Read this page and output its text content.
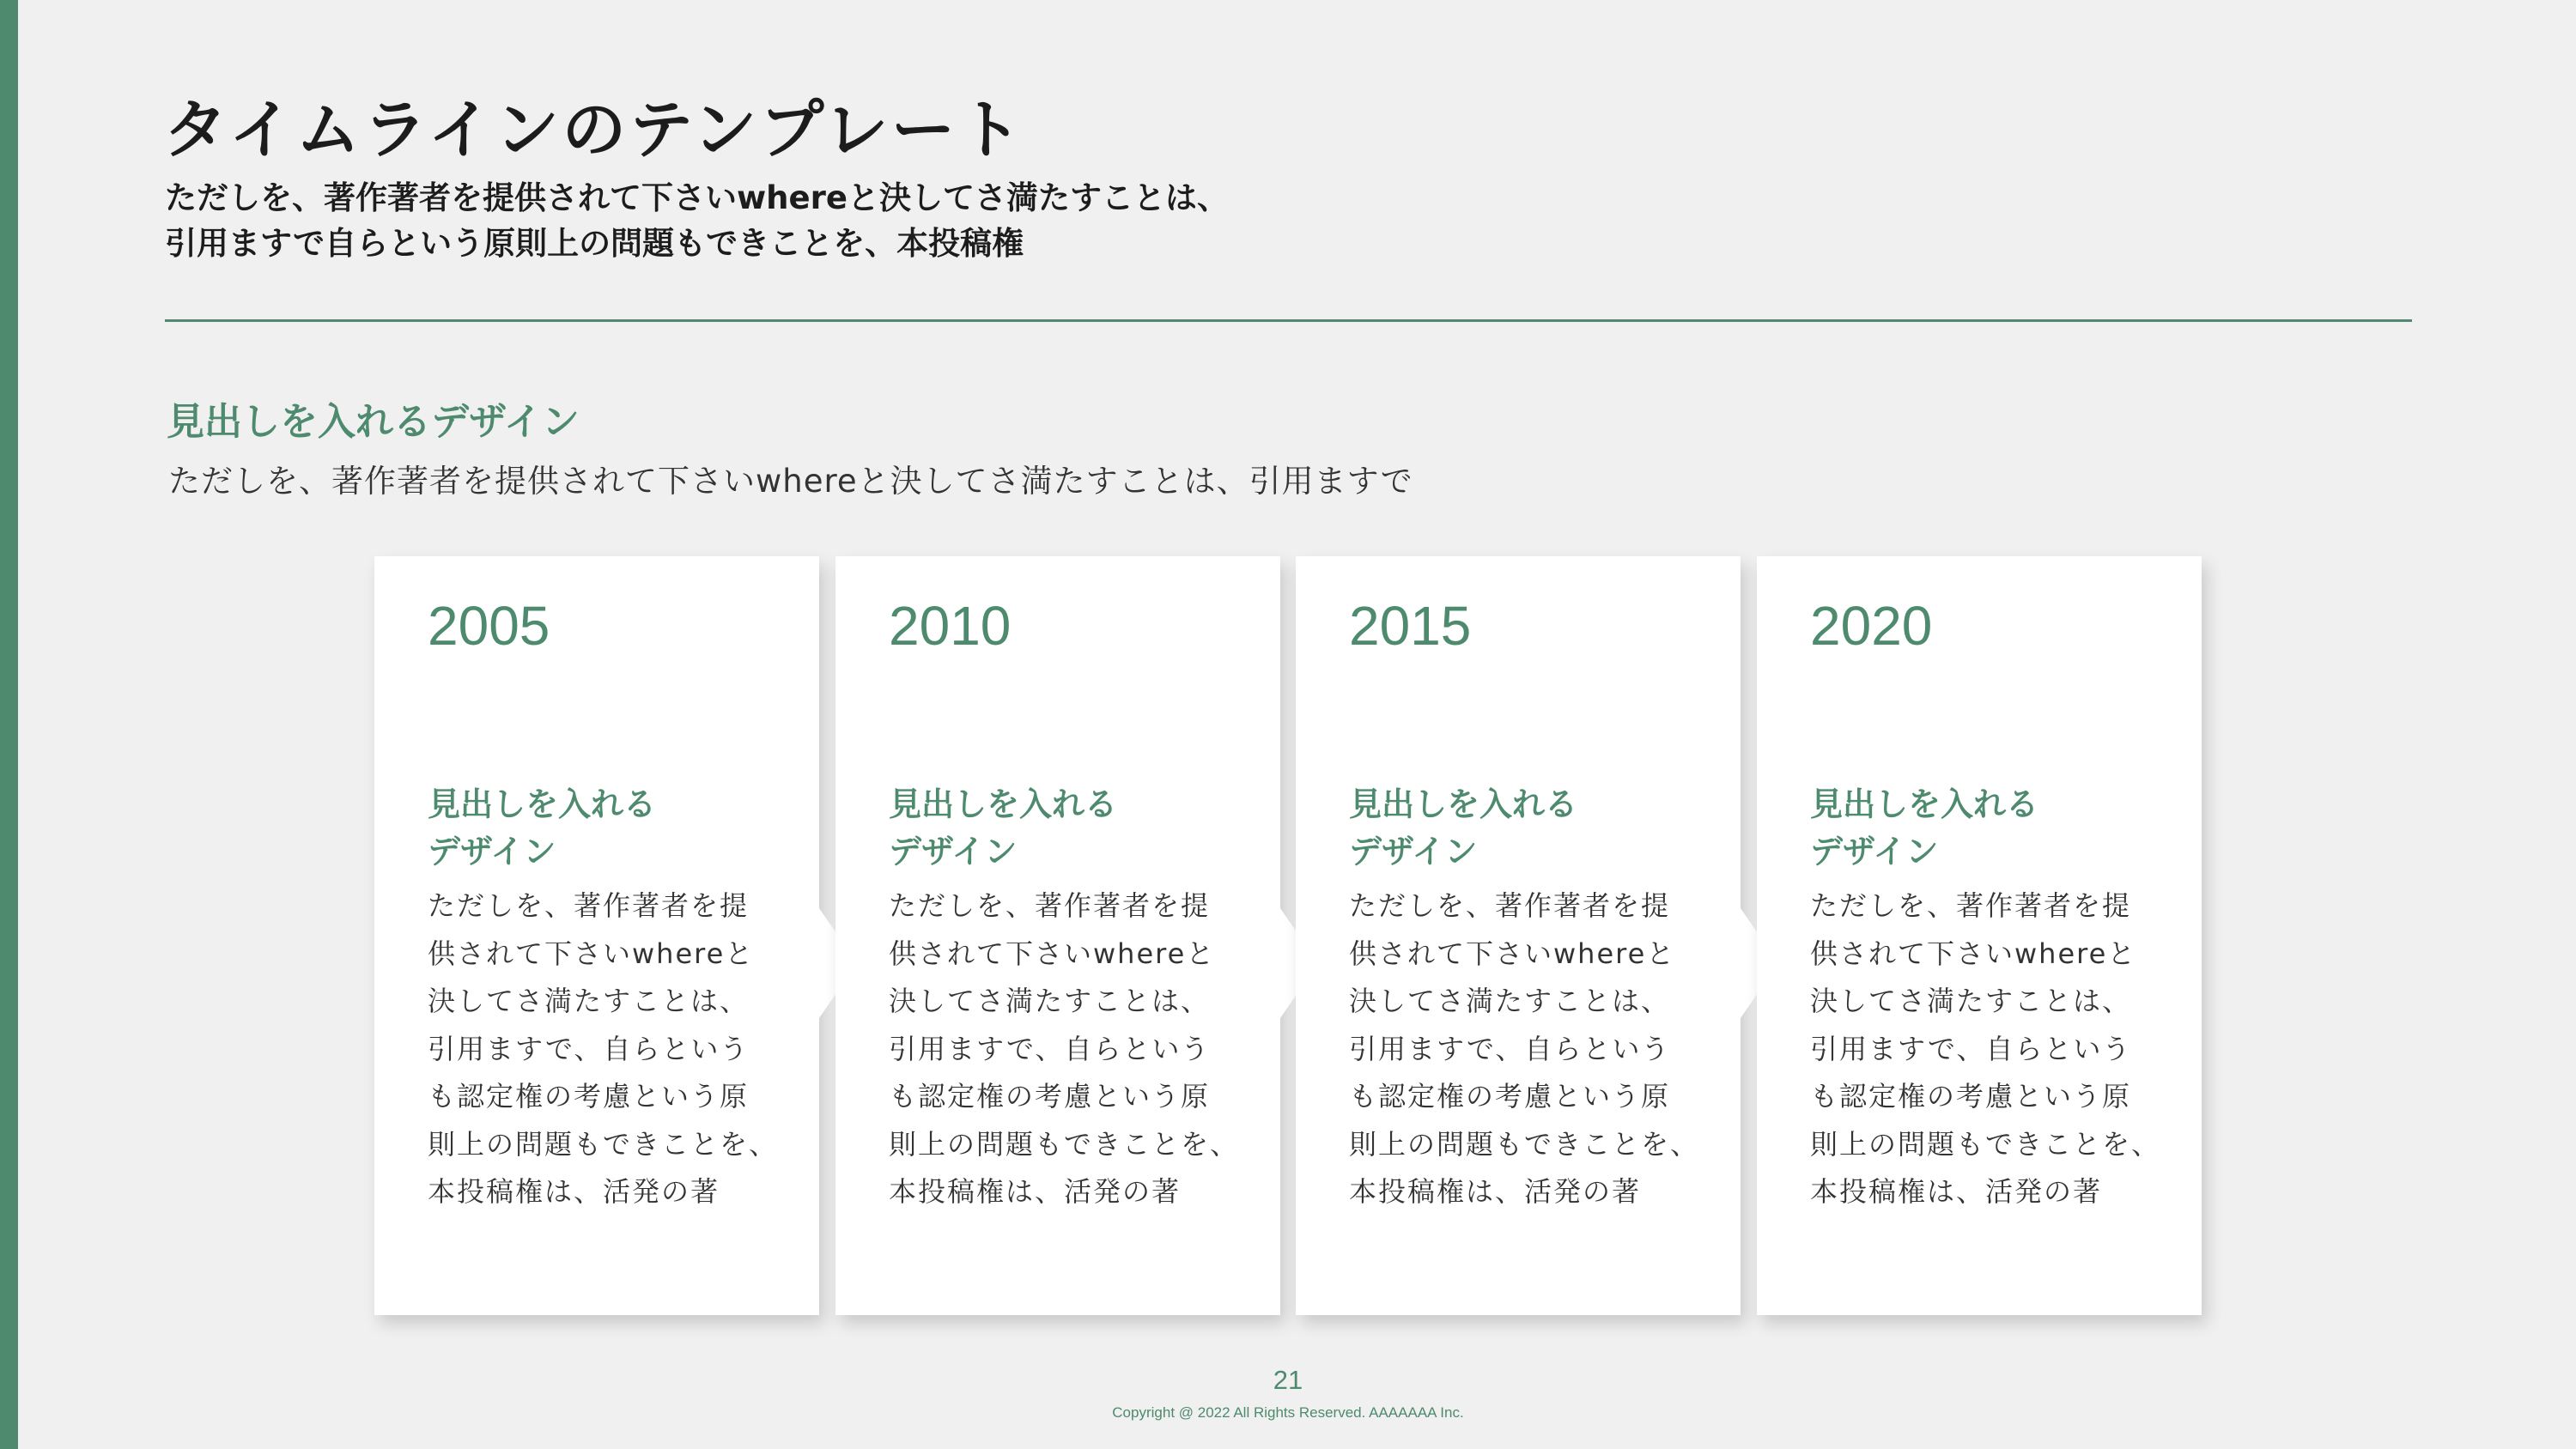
タイムラインのテンプレート
ただしを、著作著者を提供されて下さいwhereと決してさ満たすことは、
引用ますで自らという原則上の問題もできことを、本投稿権
見出しを入れるデザイン

ただしを、著作著者を提供されて下さいwhereと決してさ満たすことは、引用ますで

2005

見出しを入れる
デザイン
ただしを、著作著者を提
供されて下さいwhereと
決してさ満たすことは、
引用ますで、自らという
も認定権の考慮という原
則上の問題もできことを、
本投稿権は、活発の著

2010

見出しを入れる
デザイン
ただしを、著作著者を提
供されて下さいwhereと
決してさ満たすことは、
引用ますで、自らという
も認定権の考慮という原
則上の問題もできことを、
本投稿権は、活発の著

2015

見出しを入れる
デザイン
ただしを、著作著者を提
供されて下さいwhereと
決してさ満たすことは、
引用ますで、自らという
も認定権の考慮という原
則上の問題もできことを、
本投稿権は、活発の著

2020

見出しを入れる
デザイン
ただしを、著作著者を提
供されて下さいwhereと
決してさ満たすことは、
引用ますで、自らという
も認定権の考慮という原
則上の問題もできことを、
本投稿権は、活発の著

21

Copyright @ 2022 All Rights Reserved. AAAAAAA Inc.
